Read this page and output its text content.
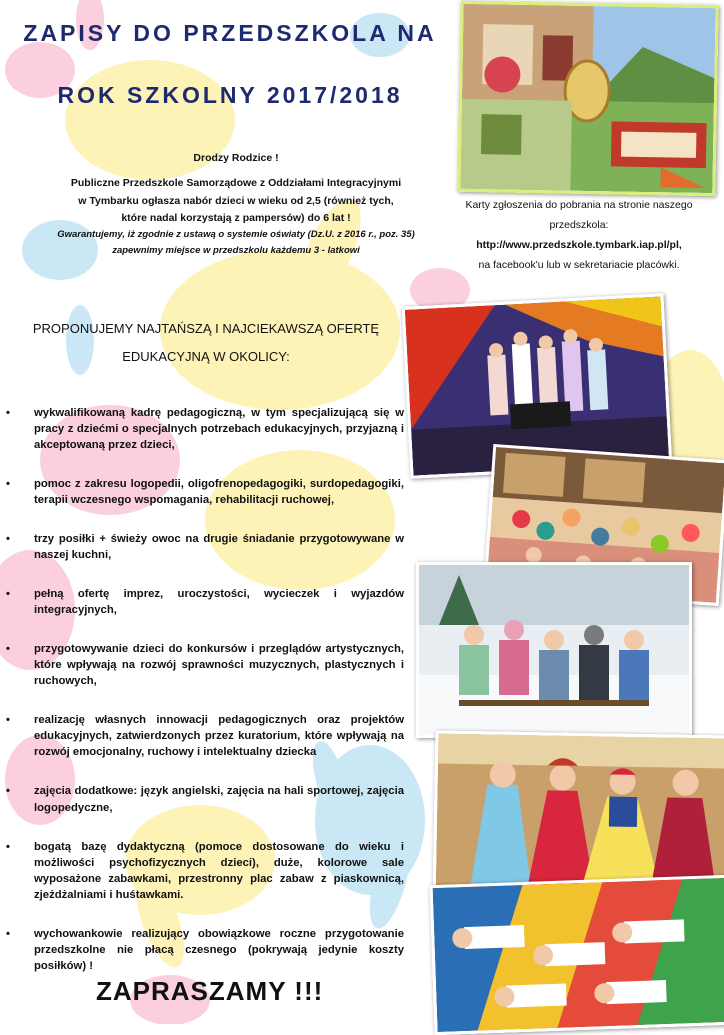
ZAPISY DO PRZEDSZKOLA NA
ROK SZKOLNY 2017/2018
Drodzy Rodzice !
Publiczne Przedszkole Samorządowe z Oddziałami Integracyjnymi
w Tymbarku ogłasza nabór dzieci w wieku od 2,5 (również tych,
które nadal korzystają z pampersów) do 6 lat !
Gwarantujemy, iż zgodnie z ustawą o systemie oświaty (Dz.U. z 2016 r., poz. 35)
zapewnimy miejsce w przedszkolu każdemu 3 - latkowi
Karty zgłoszenia do pobrania na stronie naszego przedszkola:
http://www.przedszkole.tymbark.iap.pl/pl,
na facebook'u lub w sekretariacie placówki.
PROPONUJEMY NAJTAŃSZĄ I NAJCIEKAWSZĄ OFERTĘ
EDUKACYJNĄ W OKOLICY:
• wykwalifikowaną kadrę pedagogiczną, w tym specjalizującą się w pracy z dziećmi o specjalnych potrzebach edukacyjnych, przyjazną i akceptowaną przez dzieci,
• pomoc z zakresu logopedii, oligofrenopedagogiki, surdopedagogiki, terapii wczesnego wspomagania, rehabilitacji ruchowej,
• trzy posiłki + świeży owoc na drugie śniadanie przygotowywane w naszej kuchni,
• pełną ofertę imprez, uroczystości, wycieczek i wyjazdów integracyjnych,
• przygotowywanie dzieci do konkursów i przeglądów artystycznych, które wpływają na rozwój sprawności muzycznych, plastycznych i ruchowych,
• realizację własnych innowacji pedagogicznych oraz projektów edukacyjnych, zatwierdzonych przez kuratorium, które wpływają na rozwój emocjonalny, ruchowy i intelektualny dziecka
• zajęcia dodatkowe: język angielski, zajęcia na hali sportowej, zajęcia logopedyczne,
• bogatą bazę dydaktyczną (pomoce dostosowane do wieku i możliwości psychofizycznych dzieci), duże, kolorowe sale wyposażone zabawkami, przestronny plac zabaw z piaskownicą, zjeżdżalniami i huśtawkami.
• wychowankowie realizujący obowiązkowe roczne przygotowanie przedszkolne nie płacą czesnego (pokrywają jedynie koszty posiłków) !
ZAPRASZAMY !!!
